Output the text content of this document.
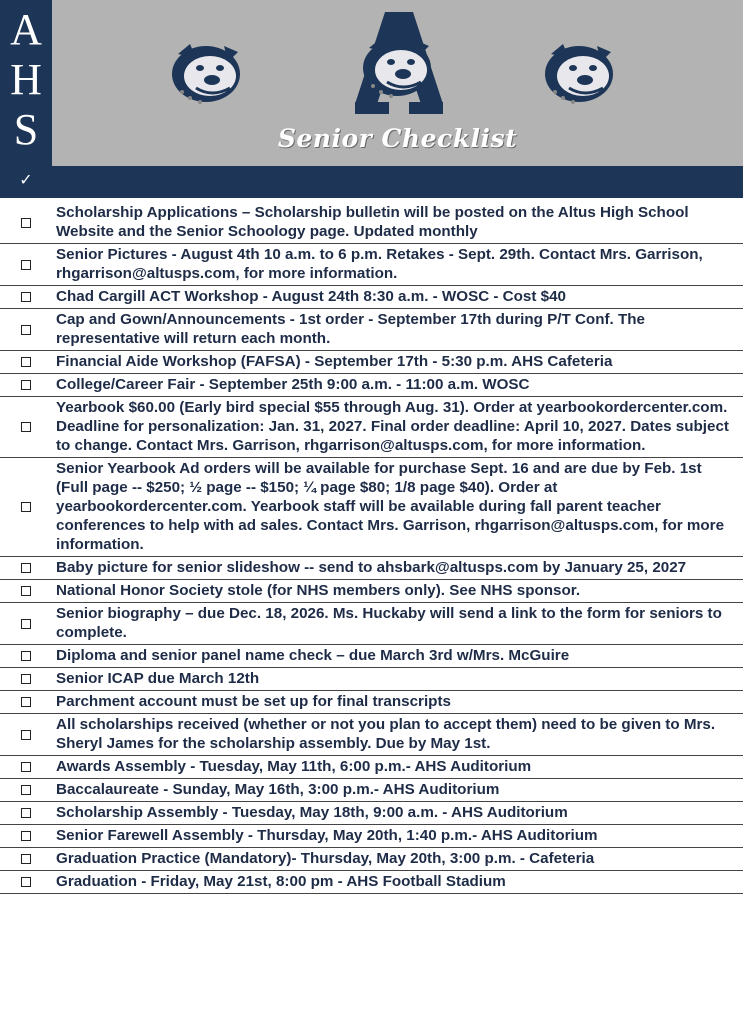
A
H
S
✓
Senior Checklist
Scholarship Applications – Scholarship bulletin will be posted on the Altus High School Website and the Senior Schoology page. Updated monthly
Senior Pictures - August 4th 10 a.m. to 6 p.m. Retakes - Sept. 29th. Contact Mrs. Garrison, rhgarrison@altusps.com, for more information.
Chad Cargill ACT Workshop - August 24th 8:30 a.m. - WOSC - Cost $40
Cap and Gown/Announcements - 1st order - September 17th during P/T Conf. The representative will return each month.
Financial Aide Workshop (FAFSA) - September 17th - 5:30 p.m. AHS Cafeteria
College/Career Fair - September 25th 9:00 a.m. - 11:00 a.m. WOSC
Yearbook $60.00 (Early bird special $55 through Aug. 31). Order at yearbookordercenter.com. Deadline for personalization: Jan. 31, 2027. Final order deadline: April 10, 2027. Dates subject to change. Contact Mrs. Garrison, rhgarrison@altusps.com, for more information.
Senior Yearbook Ad orders will be available for purchase Sept. 16 and are due by Feb. 1st (Full page -- $250; ½ page -- $150; ¼ page $80; 1/8 page $40). Order at yearbookordercenter.com. Yearbook staff will be available during fall parent teacher conferences to help with ad sales. Contact Mrs. Garrison, rhgarrison@altusps.com, for more information.
Baby picture for senior slideshow -- send to ahsbark@altusps.com by January 25, 2027
National Honor Society stole (for NHS members only). See NHS sponsor.
Senior biography – due Dec. 18, 2026. Ms. Huckaby will send a link to the form for seniors to complete.
Diploma and senior panel name check – due March 3rd w/Mrs. McGuire
Senior ICAP due March 12th
Parchment account must be set up for final transcripts
All scholarships received (whether or not you plan to accept them) need to be given to Mrs. Sheryl James for the scholarship assembly. Due by May 1st.
Awards Assembly - Tuesday, May 11th, 6:00 p.m.- AHS Auditorium
Baccalaureate - Sunday, May 16th, 3:00 p.m.- AHS Auditorium
Scholarship Assembly - Tuesday, May 18th, 9:00 a.m. - AHS Auditorium
Senior Farewell Assembly - Thursday, May 20th, 1:40 p.m.- AHS Auditorium
Graduation Practice (Mandatory)- Thursday, May 20th, 3:00 p.m. - Cafeteria
Graduation - Friday, May 21st, 8:00 pm - AHS Football Stadium
